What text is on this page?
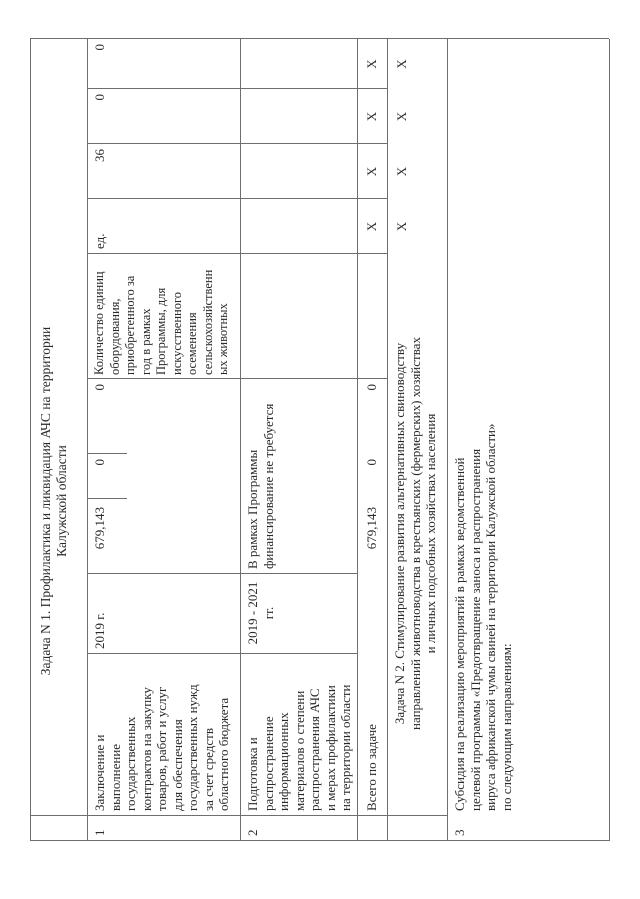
Задача N 1. Профилактика и ликвидация АЧС на территории
Калужской области
1
Заключение и
выполнение
государственных
контрактов на закупку
товаров, работ и услуг
для обеспечения
государственных нужд
за счет средств
областного бюджета
2019 г.
679,143
0
0
Количество единиц
оборудования,
приобретенного за
год в рамках
Программы, для
искусственного
осеменения
сельскохозяйственн
ых животных
ед.
36
0
0
2
Подготовка и
распространение
информационных
материалов о степени
распространения АЧС
и мерах профилактики
на территории области
2019 - 2021
гг.
В рамках Программы
финансирование не требуется
Всего по задаче
679,143
0
0
Х
Х
Х
Х
Задача N 2. Стимулирование развития альтернативных свиноводству
направлений животноводства в крестьянских (фермерских) хозяйствах
и личных подсобных хозяйствах населения
Х
Х
Х
Х
3
Субсидия на реализацию мероприятий в рамках ведомственной
целевой программы «Предотвращение заноса и распространения
вируса африканской чумы свиней на территории Калужской области»
по следующим направлениям:
